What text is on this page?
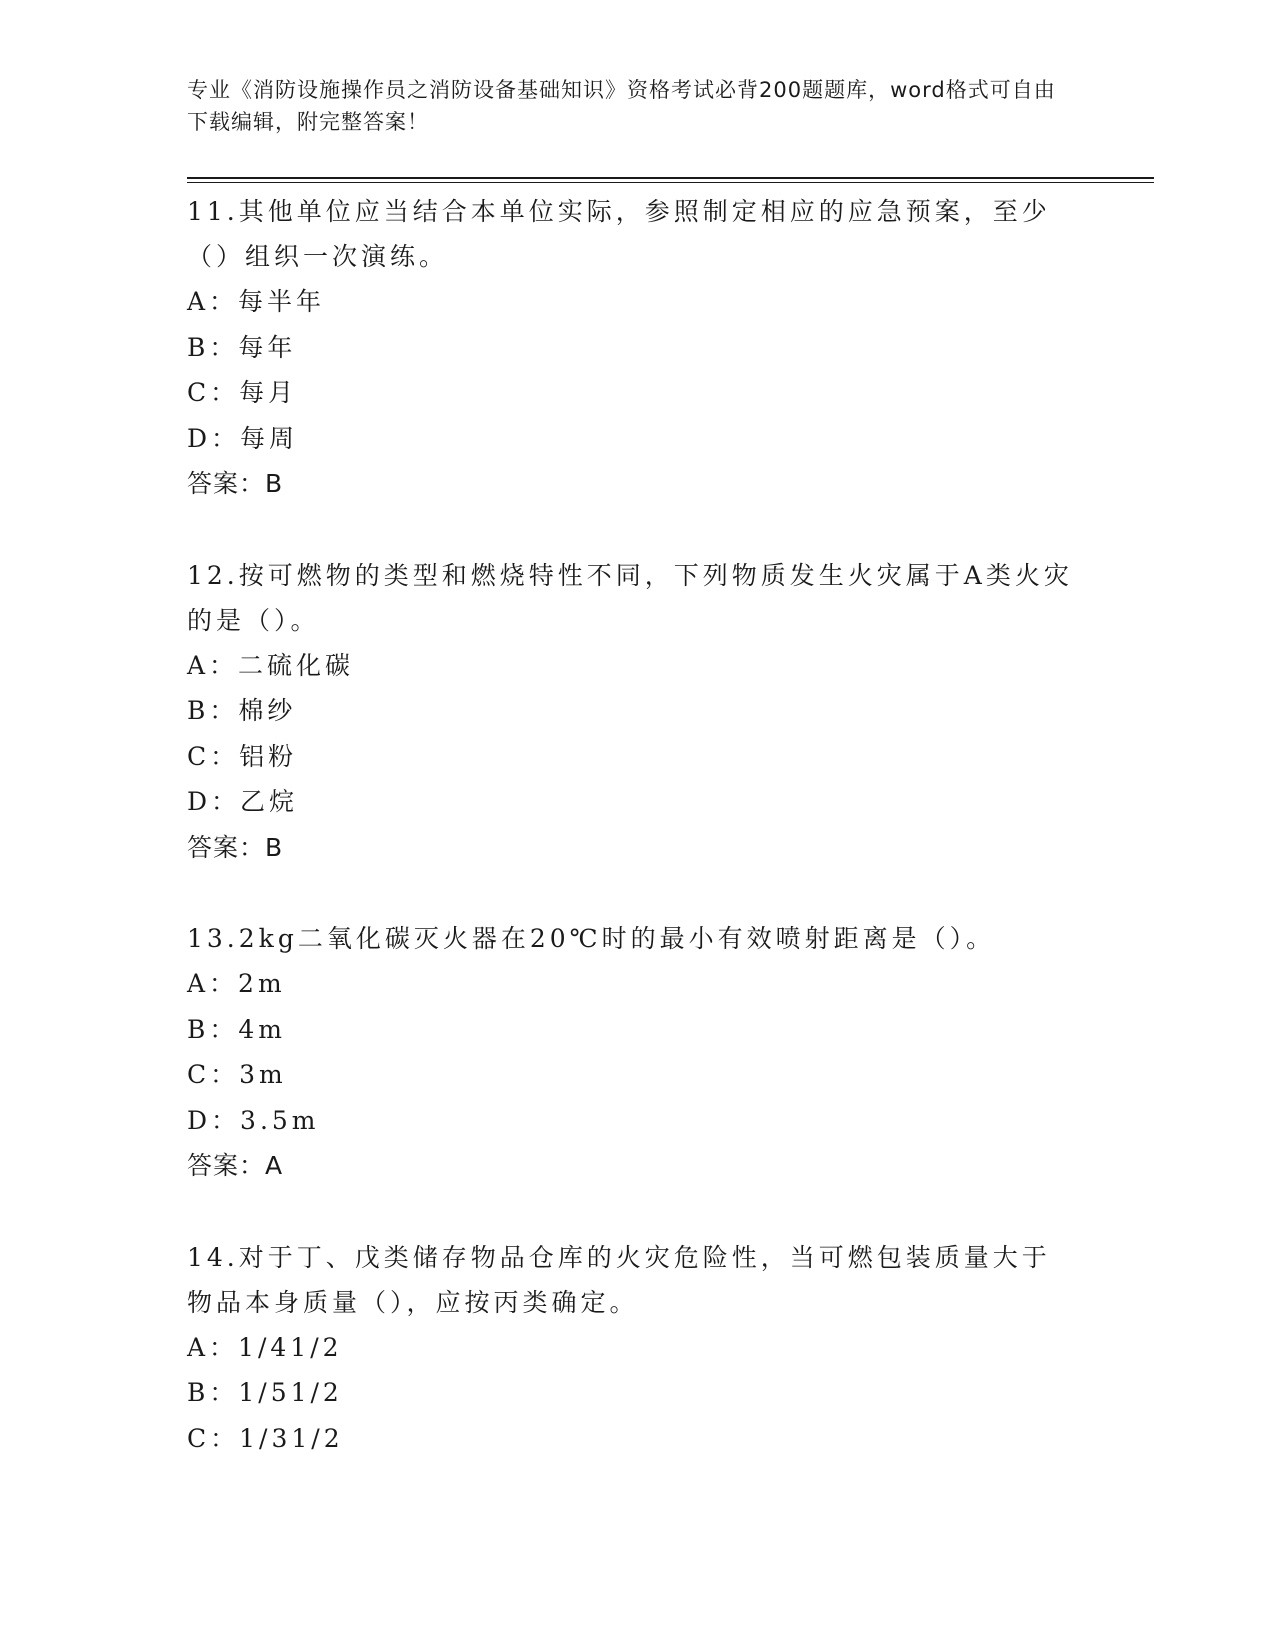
专业《消防设施操作员之消防设备基础知识》资格考试必背200题题库，word格式可自由下载编辑，附完整答案！

11.其他单位应当结合本单位实际，参照制定相应的应急预案，至少（）组织一次演练。

A：每半年
B：每年
C：每月
D：每周
答案：B

12.按可燃物的类型和燃烧特性不同，下列物质发生火灾属于A类火灾的是（）。

A：二硫化碳
B：棉纱
C：铝粉
D：乙烷
答案：B

13.2kg二氧化碳灭火器在20℃时的最小有效喷射距离是（）。

A：2m
B：4m
C：3m
D：3.5m
答案：A

14.对于丁、戊类储存物品仓库的火灾危险性，当可燃包装质量大于物品本身质量（），应按丙类确定。

A：1/41/2
B：1/51/2
C：1/31/2
